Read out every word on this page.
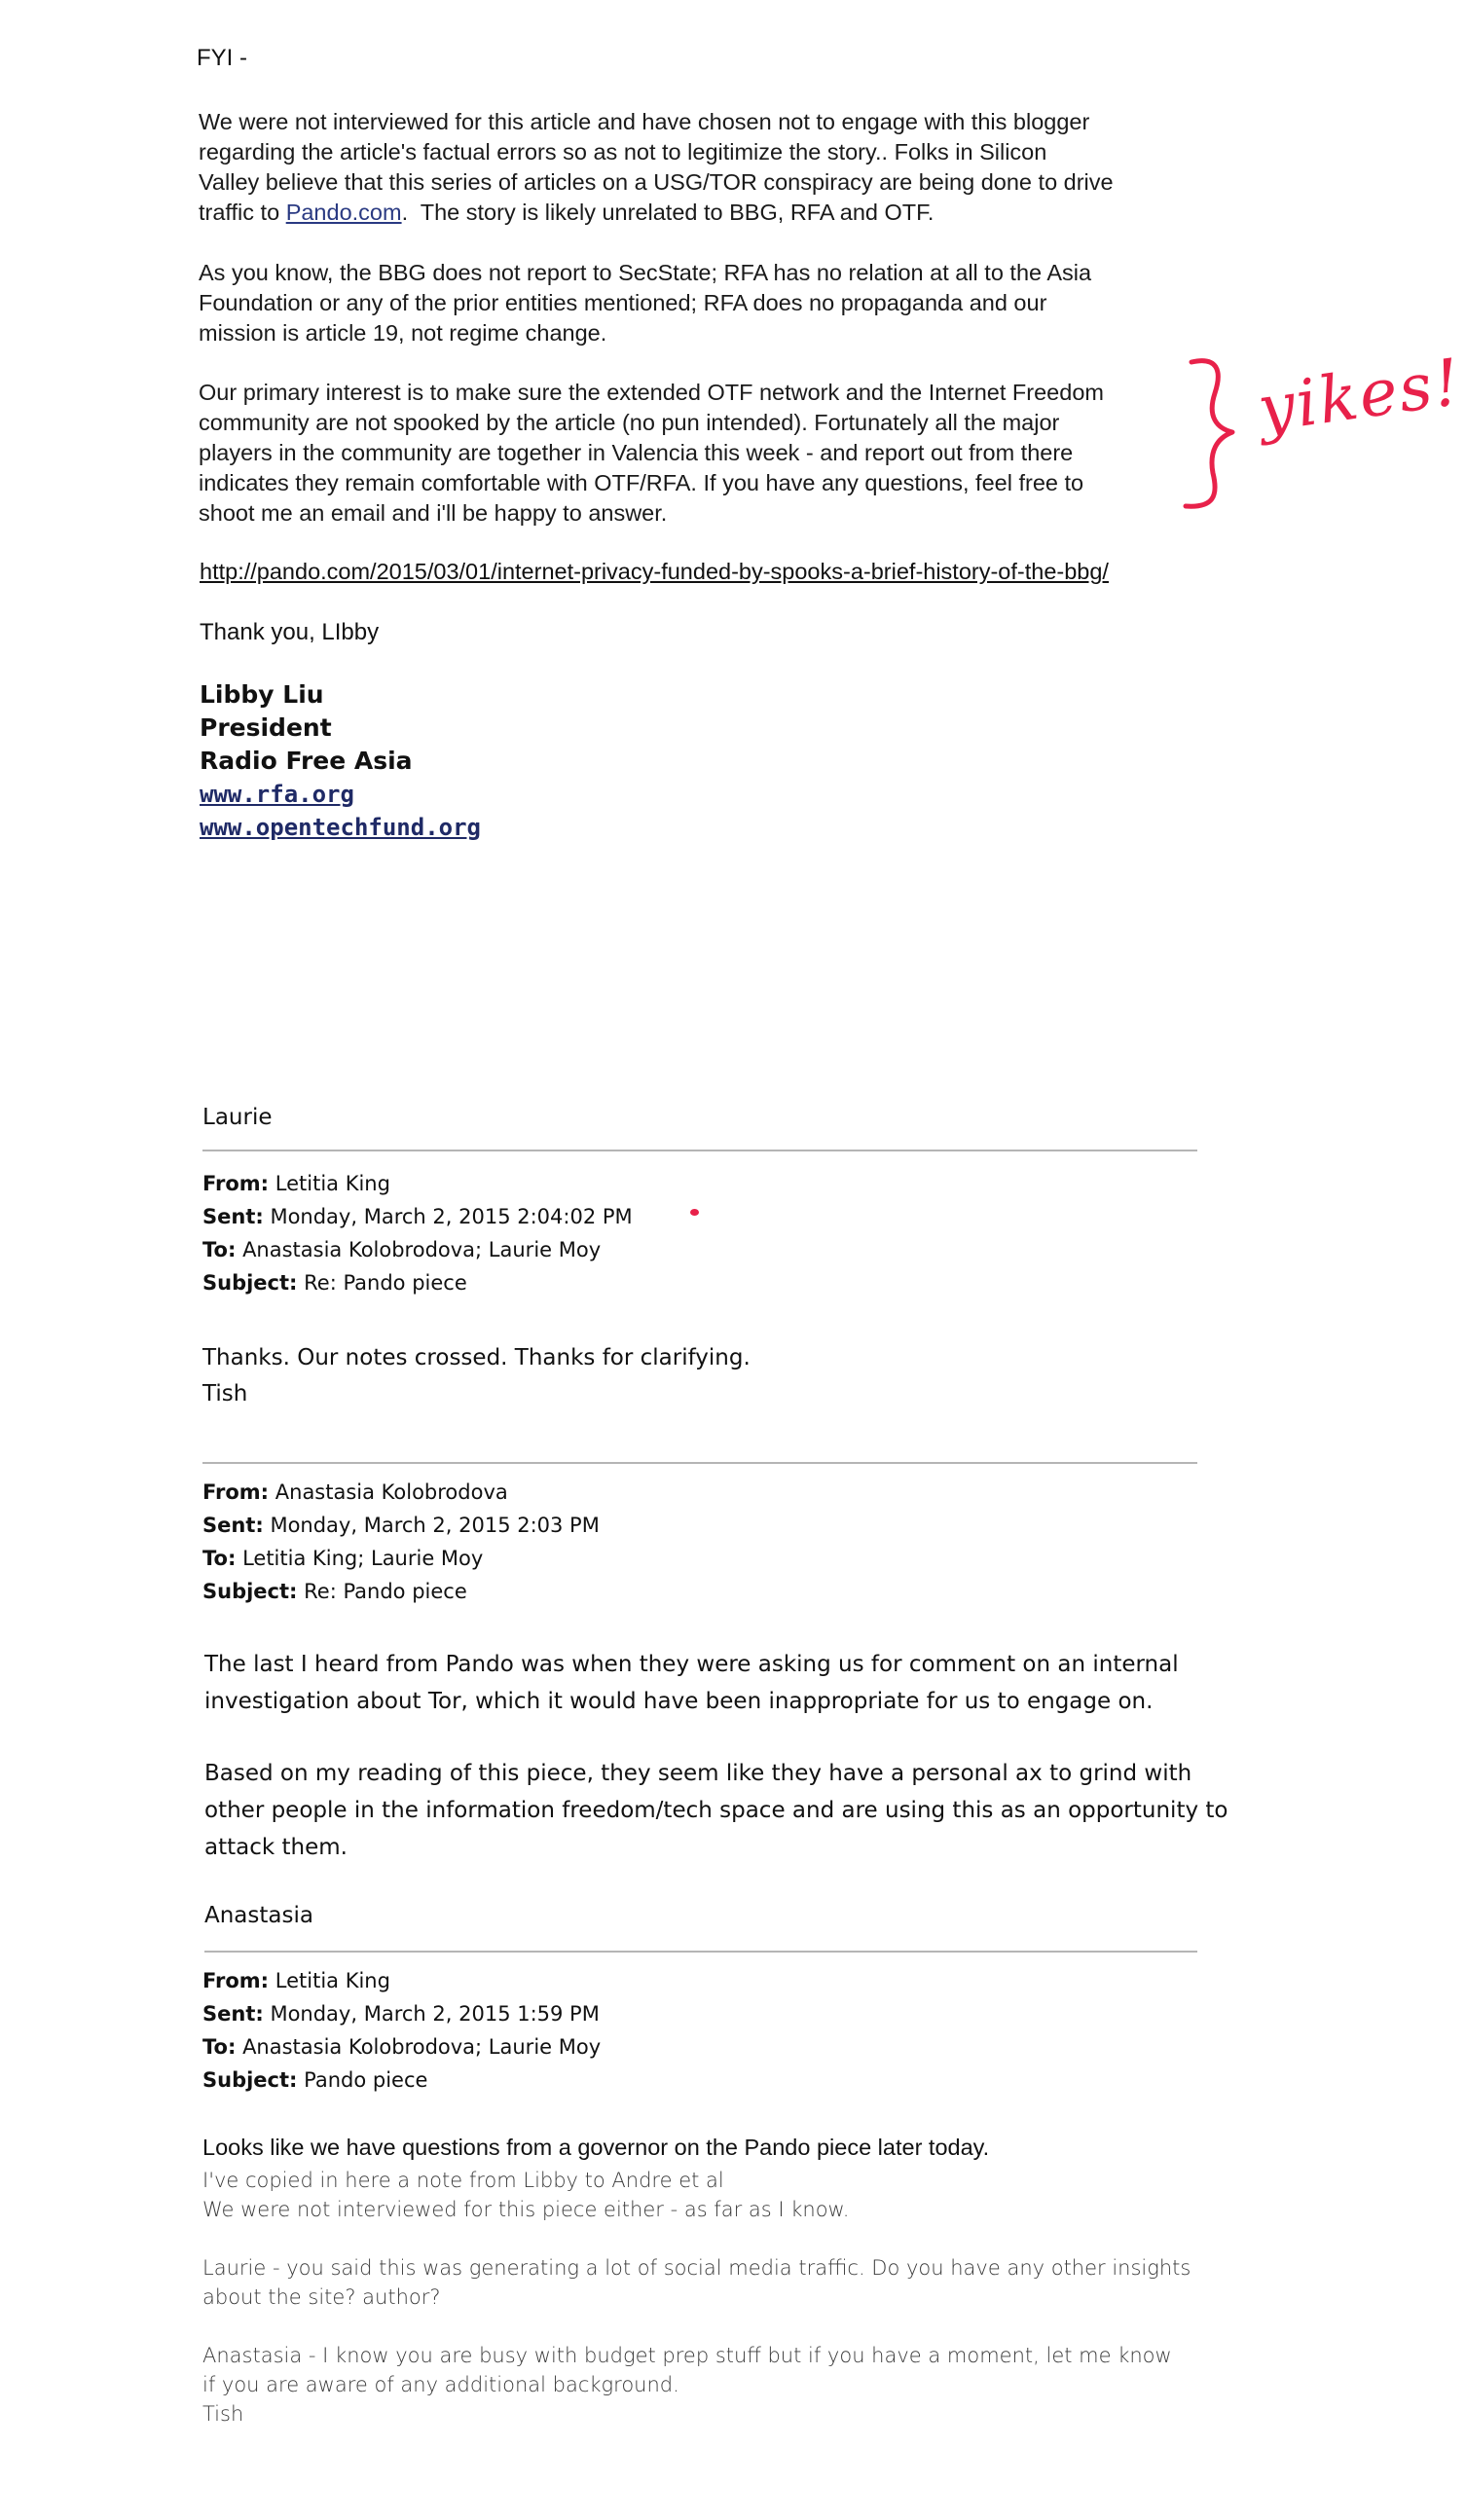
FYI -
We were not interviewed for this article and have chosen not to engage with this blogger
regarding the article's factual errors so as not to legitimize the story.. Folks in Silicon
Valley believe that this series of articles on a USG/TOR conspiracy are being done to drive
traffic to Pando.com.  The story is likely unrelated to BBG, RFA and OTF.
As you know, the BBG does not report to SecState; RFA has no relation at all to the Asia
Foundation or any of the prior entities mentioned; RFA does no propaganda and our
mission is article 19, not regime change.
Our primary interest is to make sure the extended OTF network and the Internet Freedom
community are not spooked by the article (no pun intended). Fortunately all the major
players in the community are together in Valencia this week - and report out from there
indicates they remain comfortable with OTF/RFA. If you have any questions, feel free to
shoot me an email and i'll be happy to answer.
http://pando.com/2015/03/01/internet-privacy-funded-by-spooks-a-brief-history-of-the-bbg/
Thank you, LIbby
Libby Liu
President
Radio Free Asia
www.rfa.org
www.opentechfund.org
yikes!
Laurie
From: Letitia King
Sent: Monday, March 2, 2015 2:04:02 PM
To: Anastasia Kolobrodova; Laurie Moy
Subject: Re: Pando piece
Thanks. Our notes crossed. Thanks for clarifying.
Tish
From: Anastasia Kolobrodova
Sent: Monday, March 2, 2015 2:03 PM
To: Letitia King; Laurie Moy
Subject: Re: Pando piece
The last I heard from Pando was when they were asking us for comment on an internal
investigation about Tor, which it would have been inappropriate for us to engage on.
Based on my reading of this piece, they seem like they have a personal ax to grind with
other people in the information freedom/tech space and are using this as an opportunity to
attack them.
Anastasia
From: Letitia King
Sent: Monday, March 2, 2015 1:59 PM
To: Anastasia Kolobrodova; Laurie Moy
Subject: Pando piece
Looks like we have questions from a governor on the Pando piece later today.
I've copied in here a note from Libby to Andre et al
We were not interviewed for this piece either - as far as I know.
Laurie - you said this was generating a lot of social media traffic. Do you have any other insights
about the site? author?
Anastasia - I know you are busy with budget prep stuff but if you have a moment, let me know
if you are aware of any additional background.
Tish
